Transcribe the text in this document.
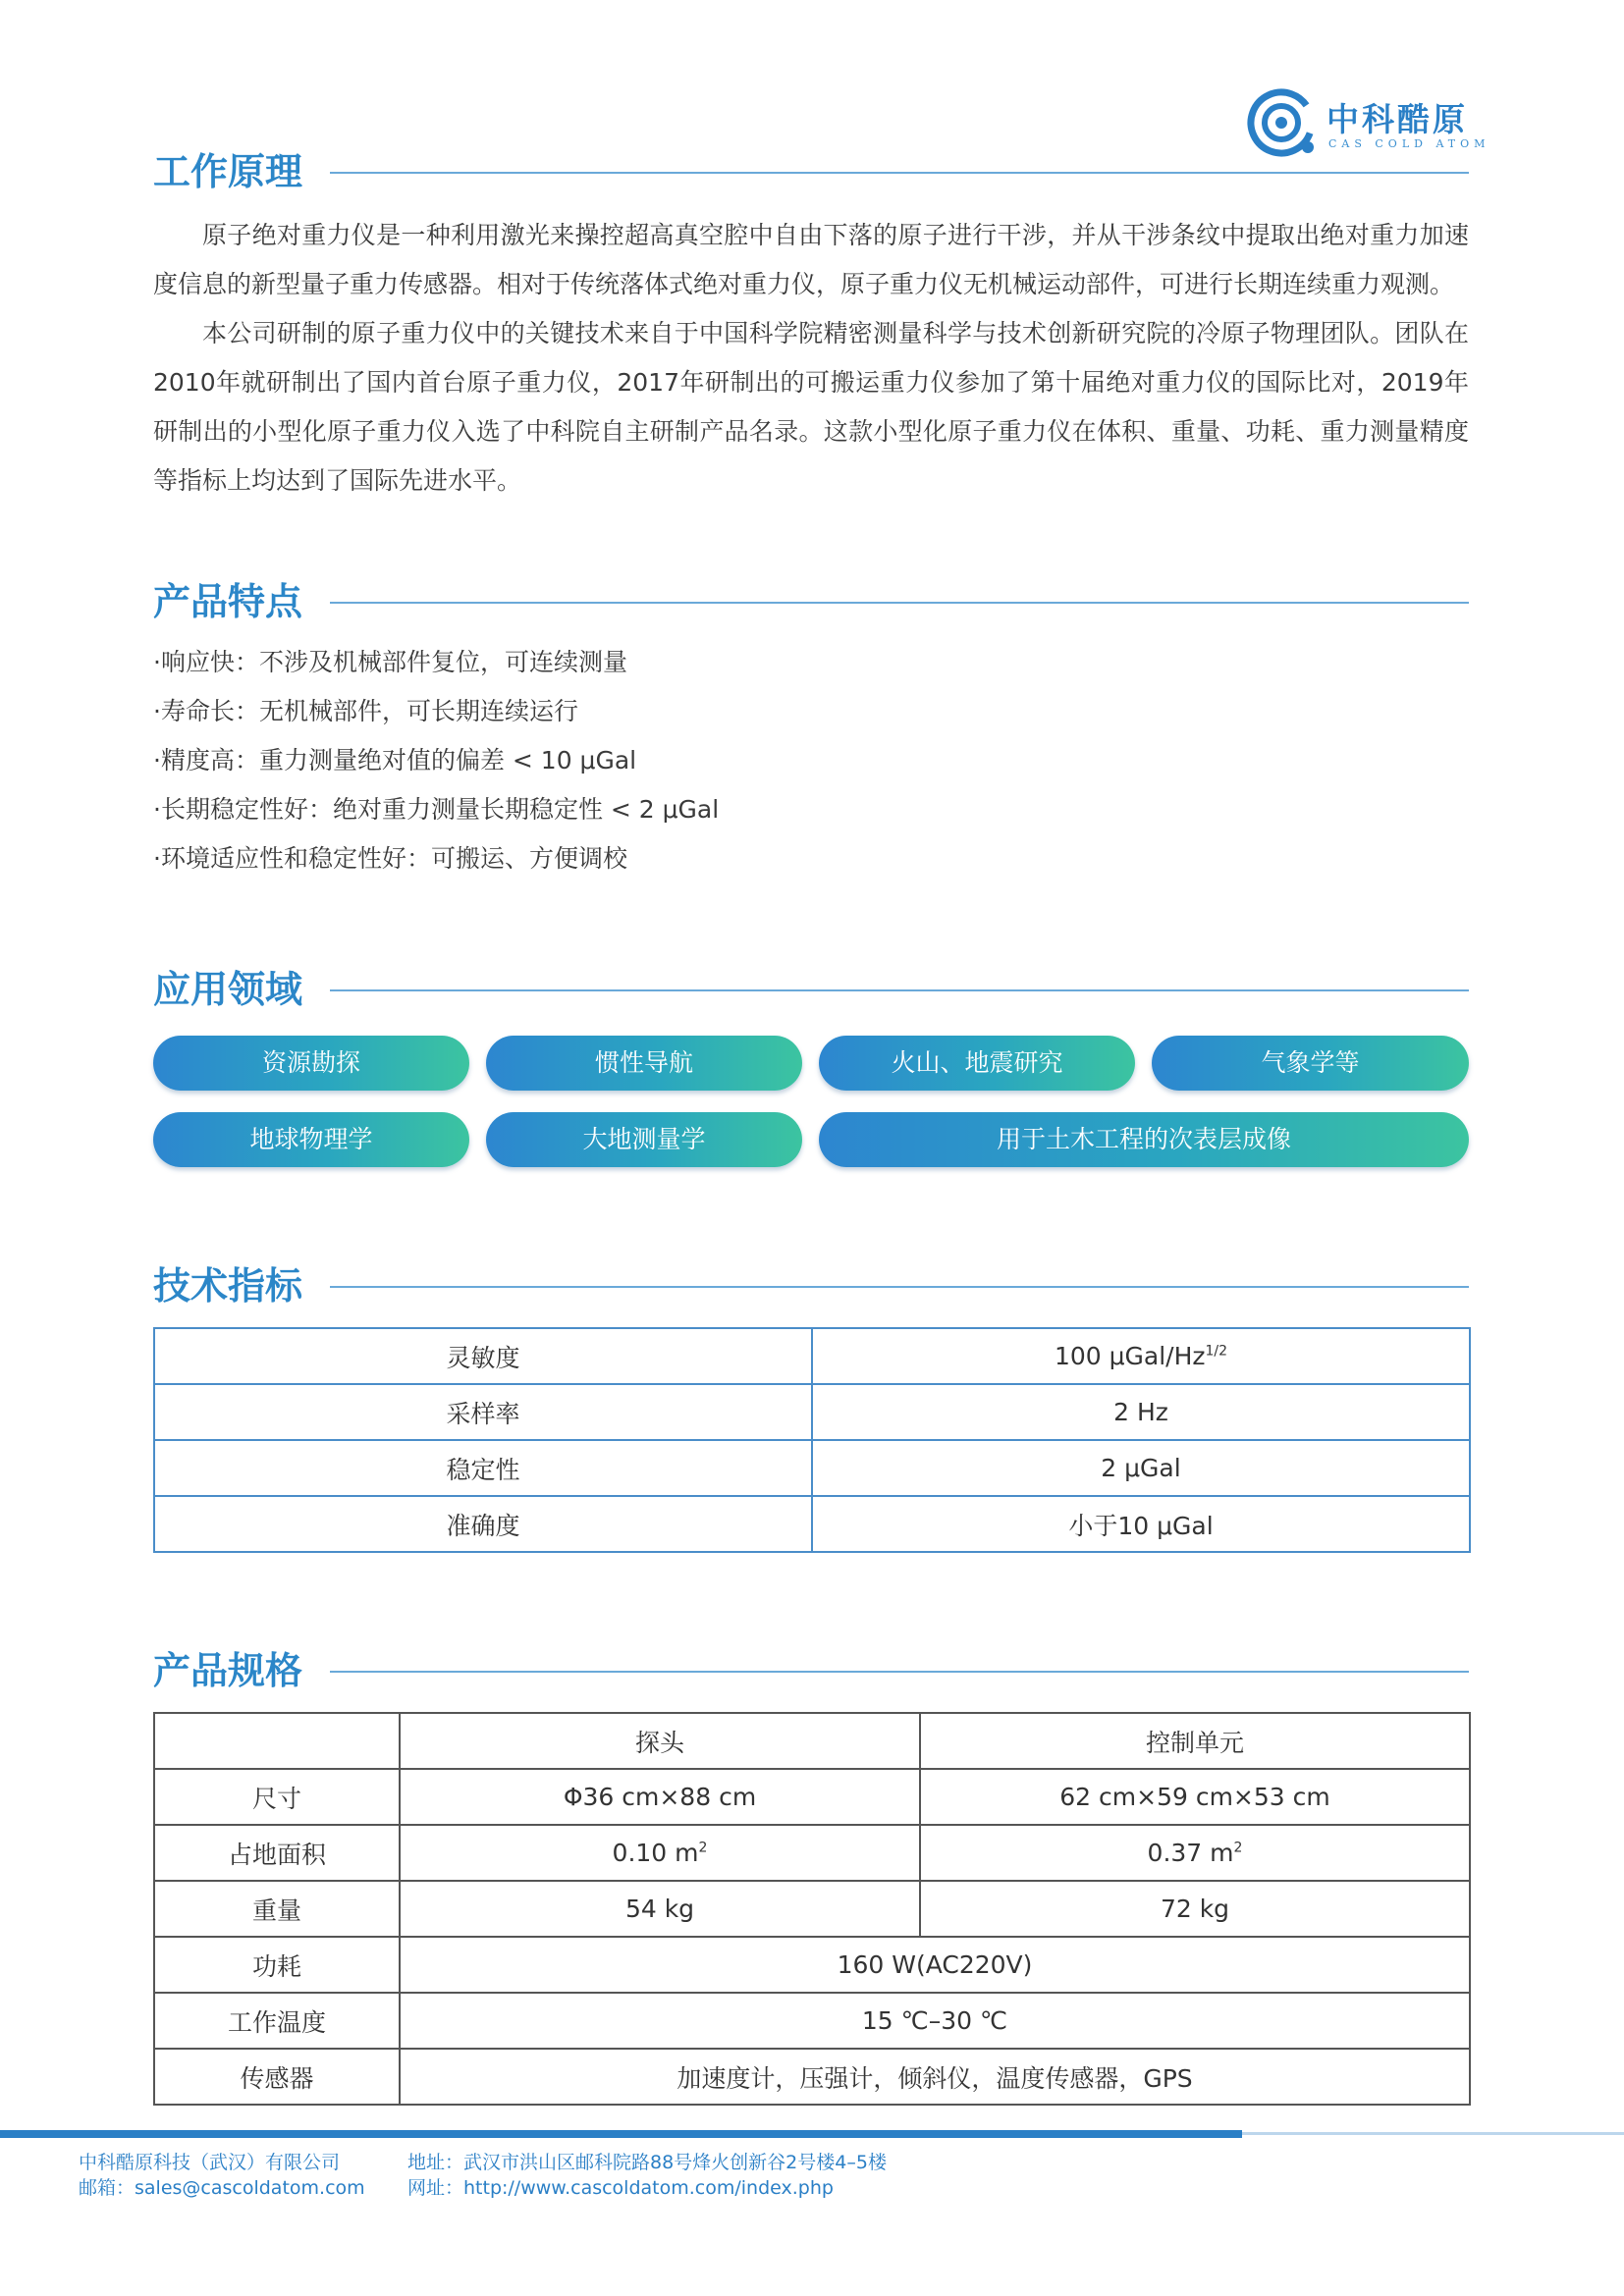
中科酷原
CAS COLD ATOM
工作原理

原子绝对重力仪是一种利用激光来操控超高真空腔中自由下落的原子进行干涉，并从干涉条纹中提取出绝对重力加速度信息的新型量子重力传感器。相对于传统落体式绝对重力仪，原子重力仪无机械运动部件，可进行长期连续重力观测。

本公司研制的原子重力仪中的关键技术来自于中国科学院精密测量科学与技术创新研究院的冷原子物理团队。团队在2010年就研制出了国内首台原子重力仪，2017年研制出的可搬运重力仪参加了第十届绝对重力仪的国际比对，2019年研制出的小型化原子重力仪入选了中科院自主研制产品名录。这款小型化原子重力仪在体积、重量、功耗、重力测量精度等指标上均达到了国际先进水平。

产品特点
·响应快：不涉及机械部件复位，可连续测量
·寿命长：无机械部件，可长期连续运行
·精度高：重力测量绝对值的偏差 < 10 μGal
·长期稳定性好：绝对重力测量长期稳定性 < 2 μGal
·环境适应性和稳定性好：可搬运、方便调校
应用领域
资源勘探	惯性导航	火山、地震研究	气象学等
地球物理学	大地测量学	用于土木工程的次表层成像
技术指标
灵敏度	100 μGal/$Hz^{1/2}$
采样率	2 Hz
稳定性	2 μGal
准确度	小于10 μGal
产品规格
	探头	控制单元
尺寸	Φ36 cm×88 cm	62 cm×59 cm×53 cm
占地面积	0.10 $m^2$	0.37 $m^2$
重量	54 kg	72 kg
功耗	160 W(AC220V)	
工作温度	15 ℃–30 ℃	
传感器	加速度计，压强计，倾斜仪，温度传感器，GPS	
中科酷原科技（武汉）有限公司
邮箱：sales@cascoldatom.com
地址：武汉市洪山区邮科院路88号烽火创新谷2号楼4–5楼
网址：http://www.cascoldatom.com/index.php
